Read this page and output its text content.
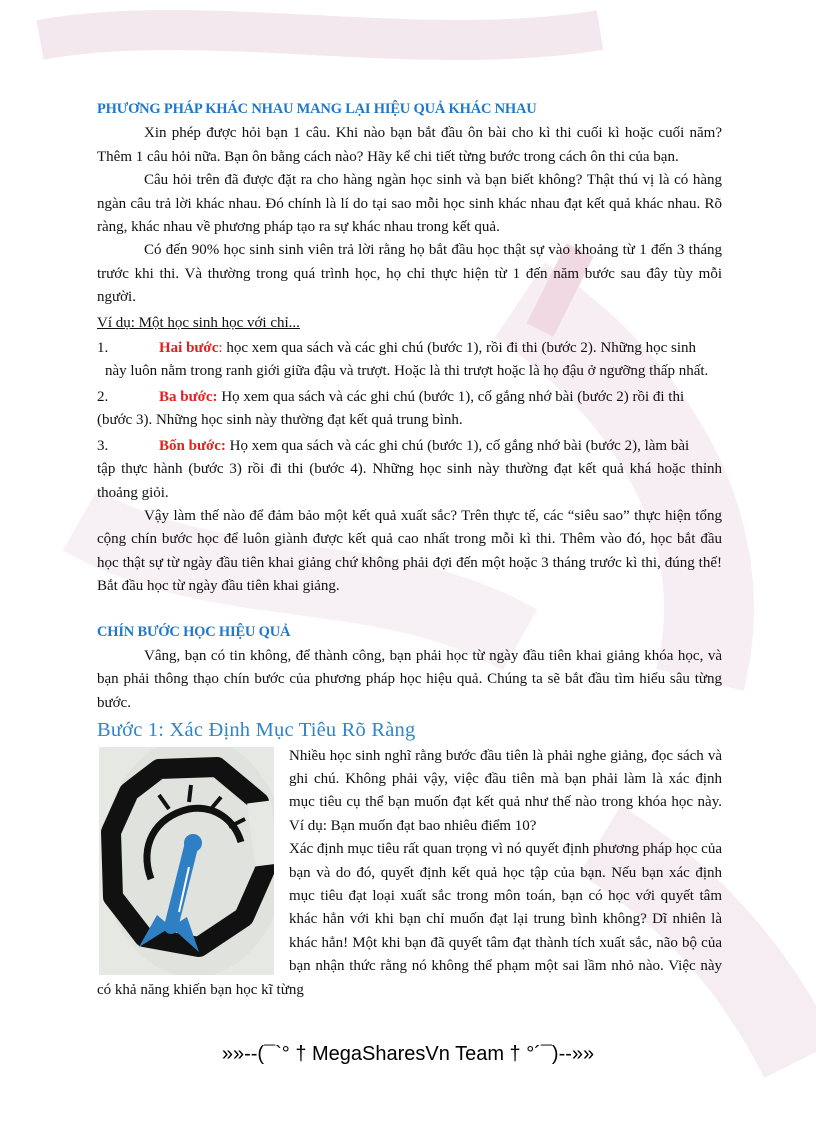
PHƯƠNG PHÁP KHÁC NHAU MANG LẠI HIỆU QUẢ KHÁC NHAU

Xin phép được hỏi bạn 1 câu. Khi nào bạn bắt đầu ôn bài cho kì thi cuối kì hoặc cuối năm? Thêm 1 câu hỏi nữa. Bạn ôn bằng cách nào? Hãy kể chi tiết từng bước trong cách ôn thi của bạn.

Câu hỏi trên đã được đặt ra cho hàng ngàn học sinh và bạn biết không? Thật thú vị là có hàng ngàn câu trả lời khác nhau. Đó chính là lí do tại sao mỗi học sinh khác nhau đạt kết quả khác nhau. Rõ ràng, khác nhau về phương pháp tạo ra sự khác nhau trong kết quả.

Có đến 90% học sinh sinh viên trả lời rằng họ bắt đầu học thật sự vào khoảng từ 1 đến 3 tháng trước khi thi. Và thường trong quá trình học, họ chỉ thực hiện từ 1 đến năm bước sau đây tùy mỗi người.

Ví dụ: Một học sinh học với chỉ...

1.	Hai bước: học xem qua sách và các ghi chú (bước 1), rồi đi thi (bước 2). Những học sinh
này luôn nằm trong ranh giới giữa đậu và trượt. Hoặc là thi trượt hoặc là họ đậu ở ngưỡng thấp nhất.
2.	Ba bước: Họ xem qua sách và các ghi chú (bước 1), cố gắng nhớ bài (bước 2) rồi đi thi
(bước 3). Những học sinh này thường đạt kết quả trung bình.
3.	Bốn bước: Họ xem qua sách và các ghi chú (bước 1), cố gắng nhớ bài (bước 2), làm bài
tập thực hành (bước 3) rồi đi thi (bước 4). Những học sinh này thường đạt kết quả khá hoặc thỉnh thoảng giỏi.

Vậy làm thế nào để đảm bảo một kết quả xuất sắc? Trên thực tế, các “siêu sao” thực hiện tổng cộng chín bước học để luôn giành được kết quả cao nhất trong mỗi kì thi. Thêm vào đó, học bắt đầu học thật sự từ ngày đầu tiên khai giảng chứ không phải đợi đến một hoặc 3 tháng trước kì thi, đúng thế! Bắt đầu học từ ngày đầu tiên khai giảng.

CHÍN BƯỚC HỌC HIỆU QUẢ

Vâng, bạn có tin không, để thành công, bạn phải học từ ngày đầu tiên khai giảng khóa học, và bạn phải thông thạo chín bước của phương pháp học hiệu quả. Chúng ta sẽ bắt đầu tìm hiểu sâu từng bước.

Bước 1: Xác Định Mục Tiêu Rõ Ràng

Nhiều học sinh nghĩ rằng bước đầu tiên là phải nghe giảng, đọc sách và ghi chú. Không phải vậy, việc đầu tiên mà bạn phải làm là xác định mục tiêu cụ thể bạn muốn đạt kết quả như thế nào trong khóa học này. Ví dụ: Bạn muốn đạt bao nhiêu điểm 10?
Xác định mục tiêu rất quan trọng vì nó quyết định phương pháp học của bạn và do đó, quyết định kết quả học tập của bạn. Nếu bạn xác định mục tiêu đạt loại xuất sắc trong môn toán, bạn có học với quyết tâm khác hẳn với khi bạn chỉ muốn đạt lại trung bình không? Dĩ nhiên là khác hẳn! Một khi bạn đã quyết tâm đạt thành tích xuất sắc, não bộ của bạn nhận thức rằng nó không thể phạm một sai lầm nhỏ nào. Việc này có khả năng khiến bạn học kĩ từng

»»--(¯`° † MegaSharesVn Team † °´¯)--»»
